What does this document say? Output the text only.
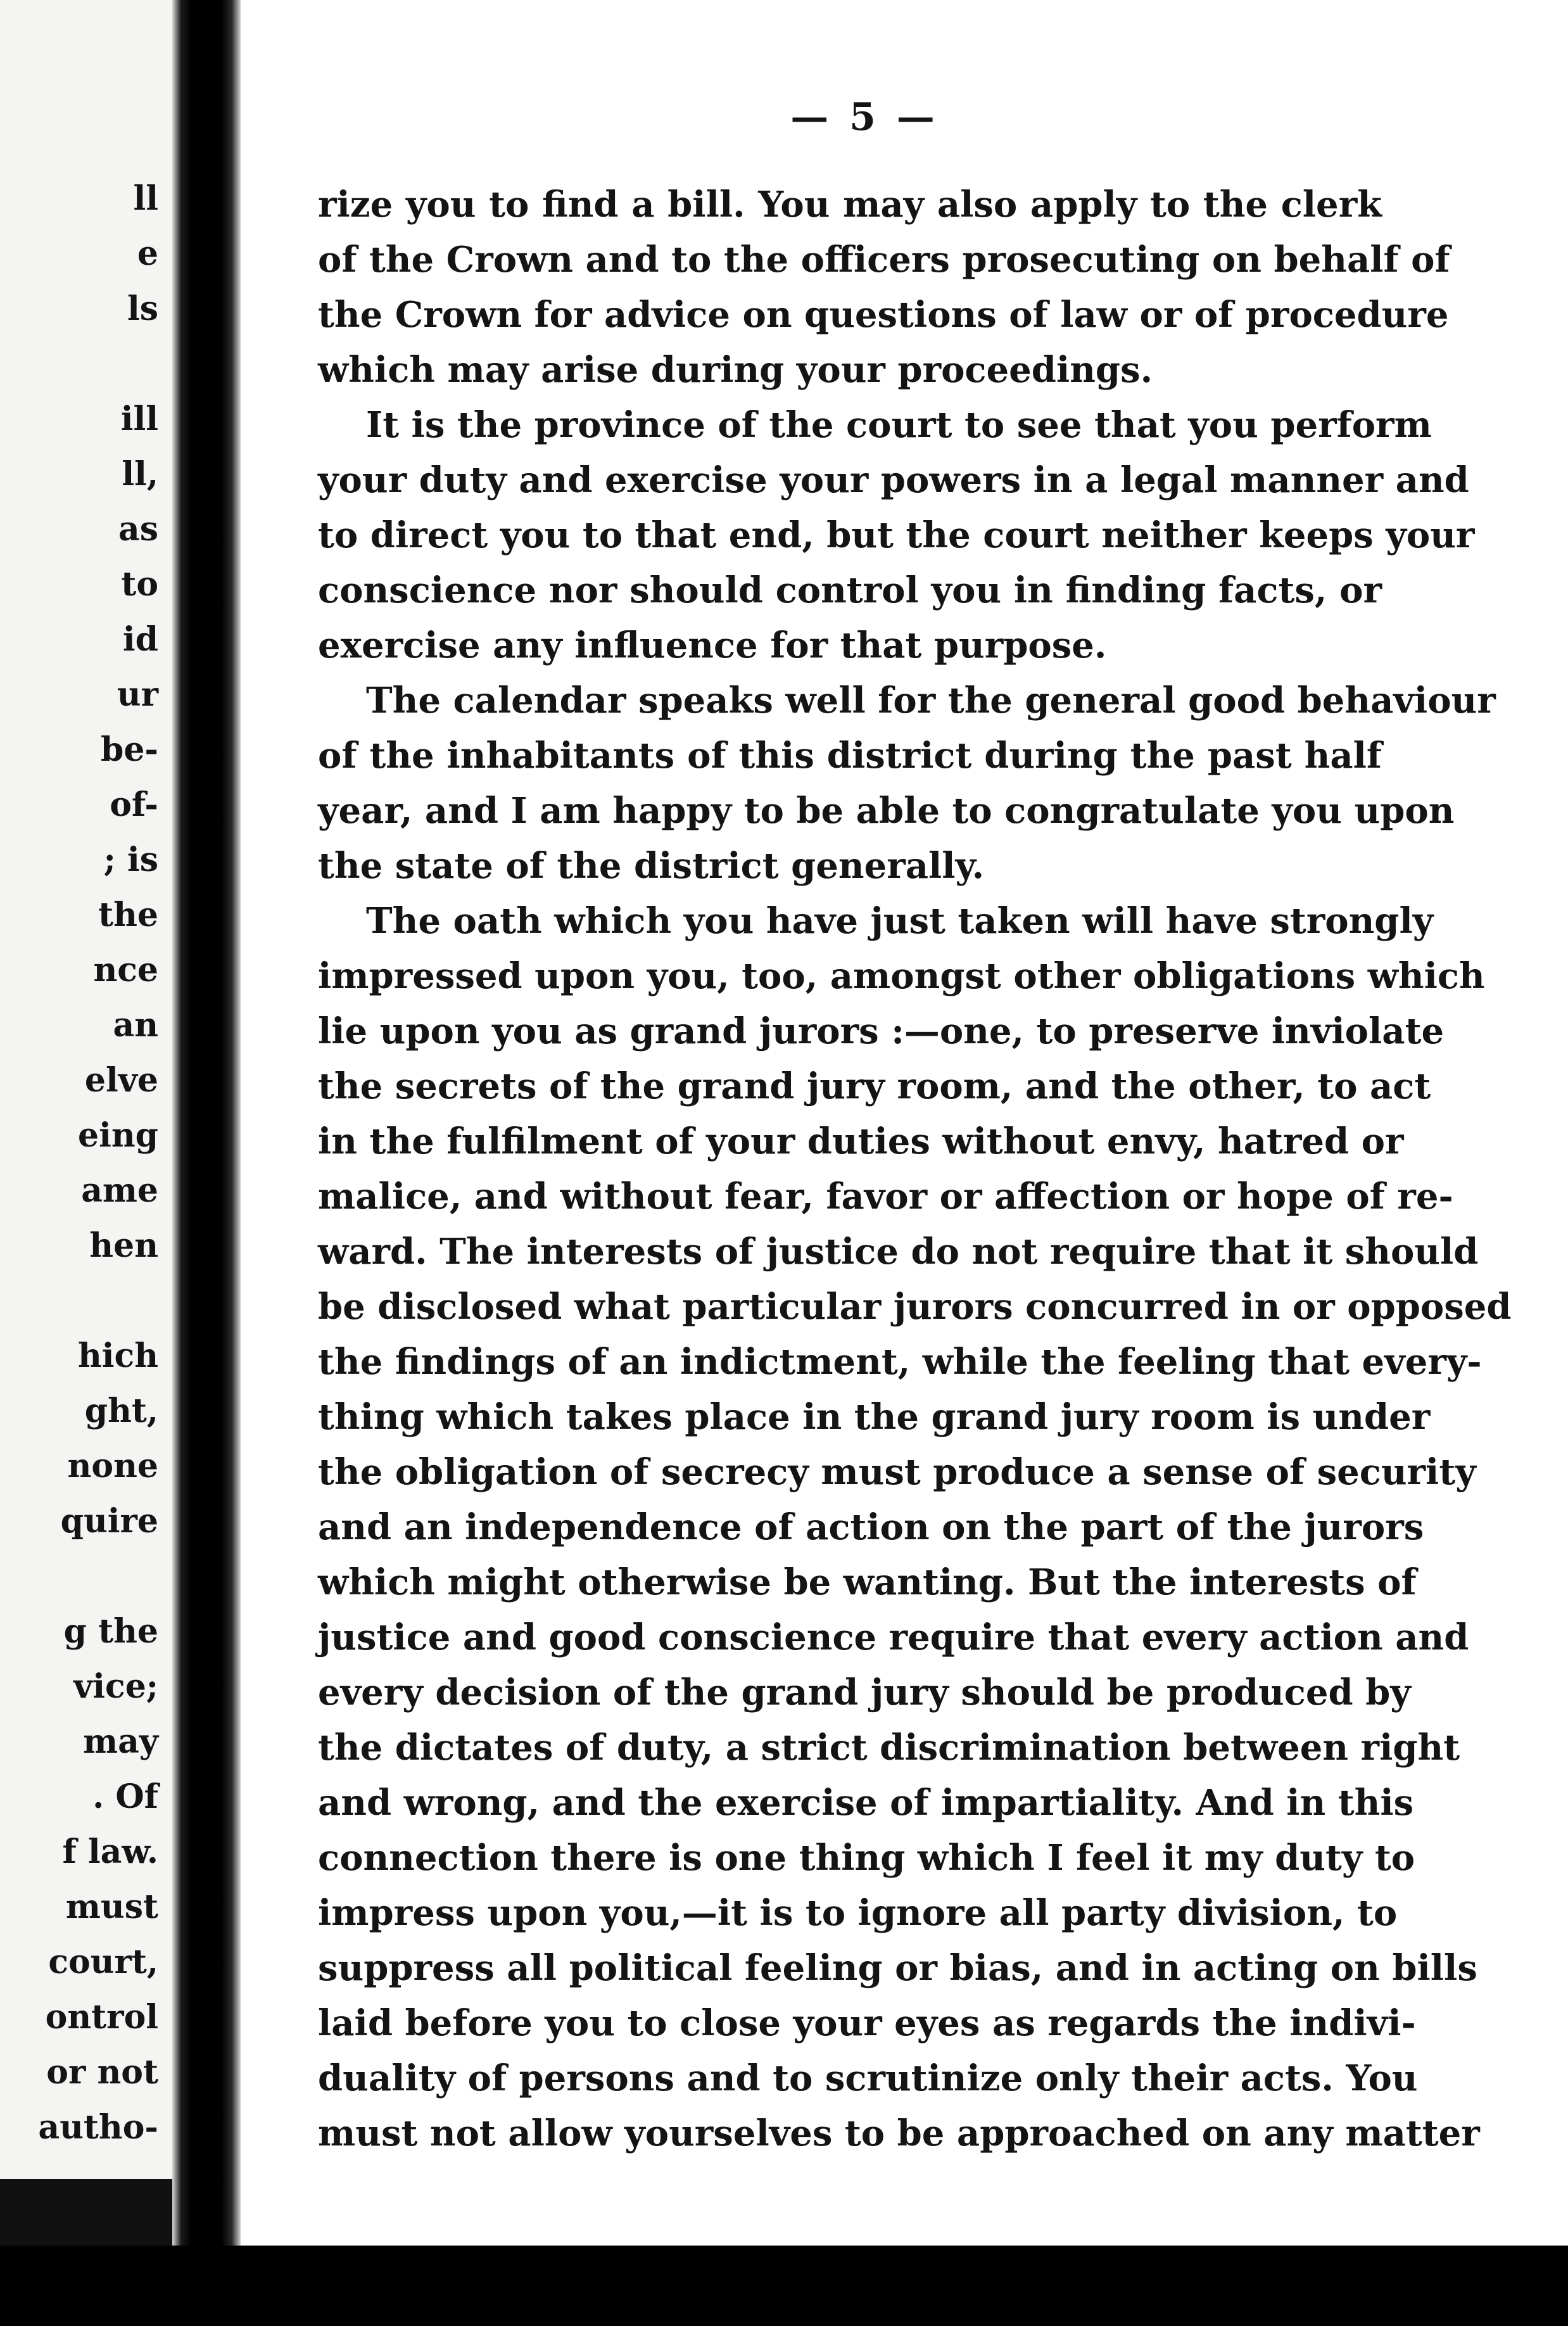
ll
e
ls
ill
ll,
as
to
id
ur
be-
of-
; is
the
nce
an
elve
eing
ame
hen
hich
ght,
none
quire
g the
vice;
may
. Of
f law.
must
court,
ontrol
or not
autho-
— 5 —
rize you to find a bill. You may also apply to the clerk
of the Crown and to the officers prosecuting on behalf of
the Crown for advice on questions of law or of procedure
which may arise during your proceedings.
It is the province of the court to see that you perform
your duty and exercise your powers in a legal manner and
to direct you to that end, but the court neither keeps your
conscience nor should control you in finding facts, or
exercise any influence for that purpose.
The calendar speaks well for the general good behaviour
of the inhabitants of this district during the past half
year, and I am happy to be able to congratulate you upon
the state of the district generally.
The oath which you have just taken will have strongly
impressed upon you, too, amongst other obligations which
lie upon you as grand jurors :—one, to preserve inviolate
the secrets of the grand jury room, and the other, to act
in the fulfilment of your duties without envy, hatred or
malice, and without fear, favor or affection or hope of re-
ward. The interests of justice do not require that it should
be disclosed what particular jurors concurred in or opposed
the findings of an indictment, while the feeling that every-
thing which takes place in the grand jury room is under
the obligation of secrecy must produce a sense of security
and an independence of action on the part of the jurors
which might otherwise be wanting. But the interests of
justice and good conscience require that every action and
every decision of the grand jury should be produced by
the dictates of duty, a strict discrimination between right
and wrong, and the exercise of impartiality. And in this
connection there is one thing which I feel it my duty to
impress upon you,—it is to ignore all party division, to
suppress all political feeling or bias, and in acting on bills
laid before you to close your eyes as regards the indivi-
duality of persons and to scrutinize only their acts. You
must not allow yourselves to be approached on any matter
